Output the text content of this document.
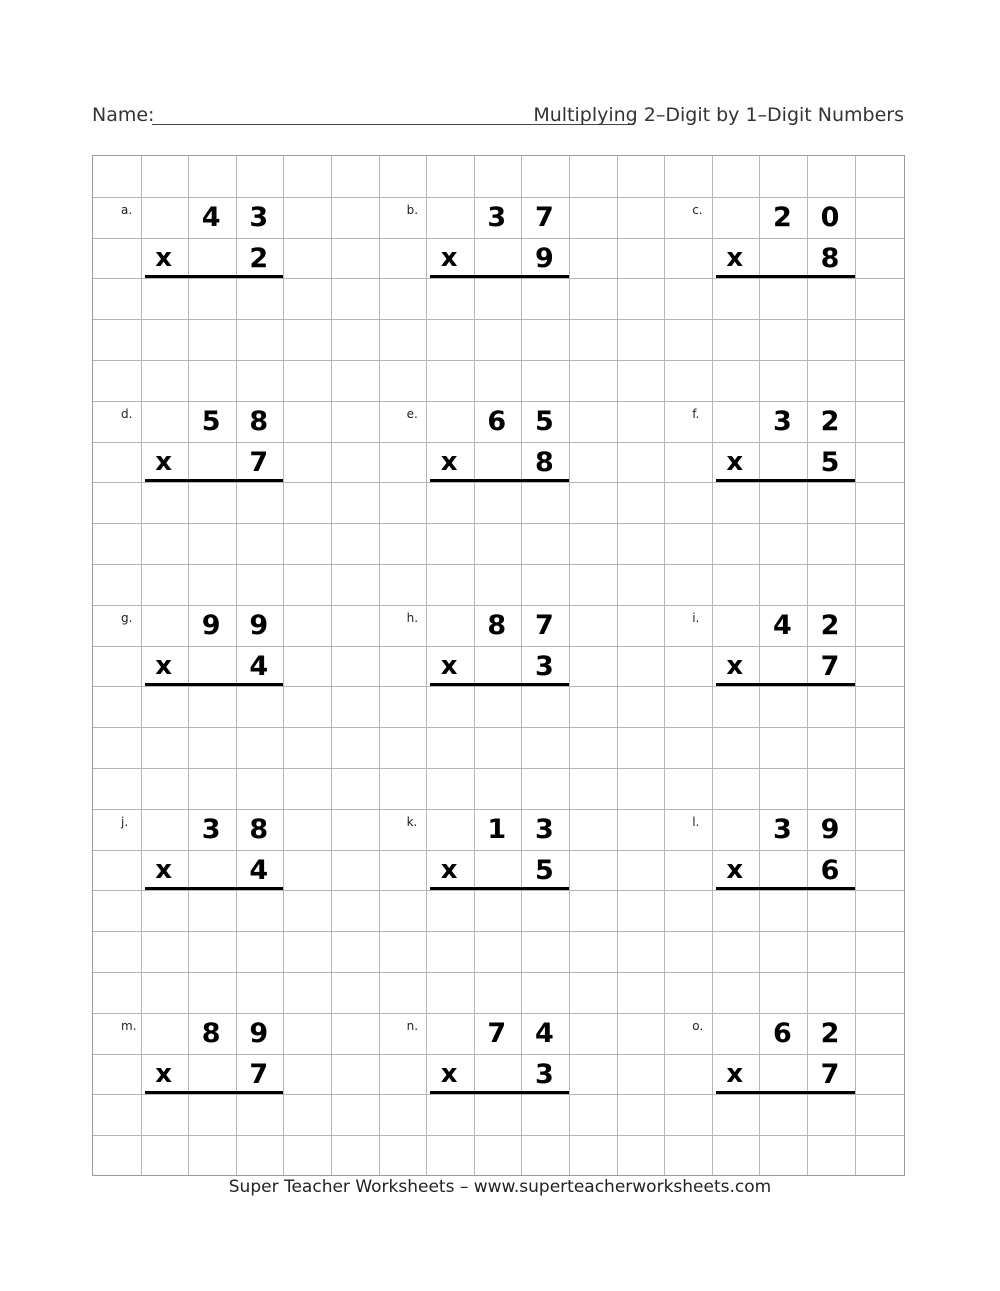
Name:	Multiplying 2–Digit by 1–Digit Numbers
a.	4	3
x	2
b.	3	7
x	9
c.	2	0
x	8
d.	5	8
x	7
e.	6	5
x	8
f.	3	2
x	5
g.	9	9
x	4
h.	8	7
x	3
i.	4	2
x	7
j.	3	8
x	4
k.	1	3
x	5
l.	3	9
x	6
m.	8	9
x	7
n.	7	4
x	3
o.	6	2
x	7
Super Teacher Worksheets – www.superteacherworksheets.com
